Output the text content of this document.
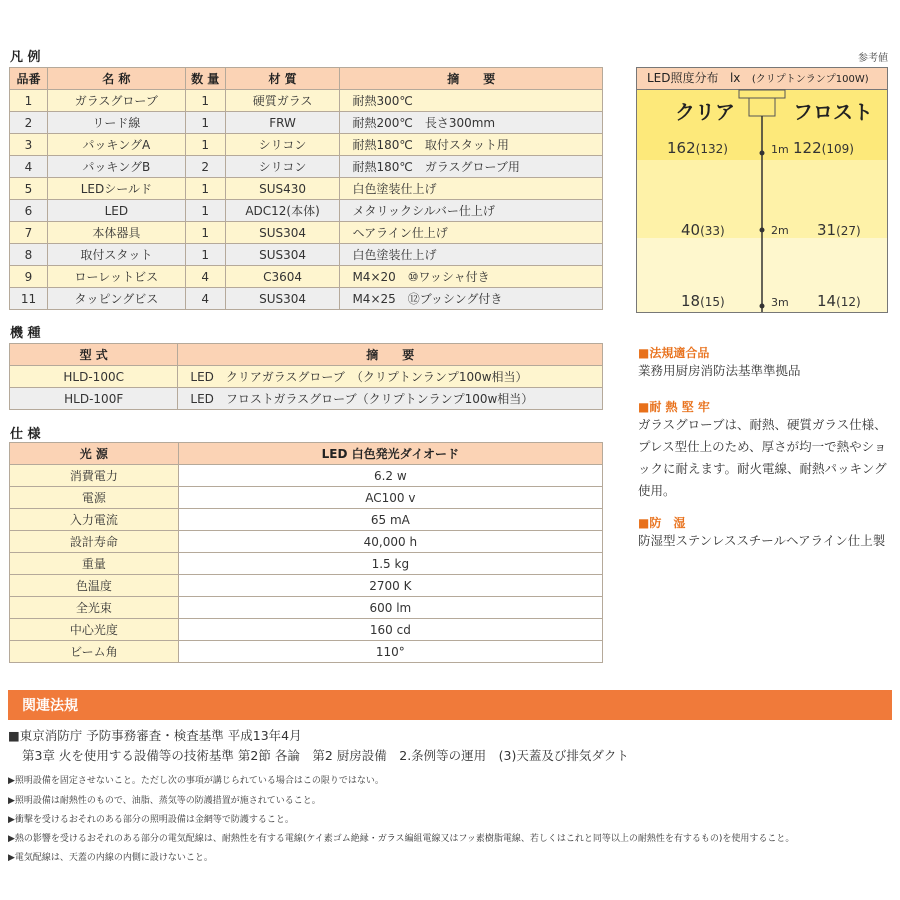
凡 例
品番	名 称	数 量	材 質	摘　　要
1	ガラスグローブ	1	硬質ガラス	耐熱300℃
2	リード線	1	FRW	耐熱200℃　長さ300mm
3	パッキングA	1	シリコン	耐熱180℃　取付スタット用
4	パッキングB	2	シリコン	耐熱180℃　ガラスグローブ用
5	LEDシールド	1	SUS430	白色塗装仕上げ
6	LED	1	ADC12(本体)	メタリックシルバー仕上げ
7	本体器具	1	SUS304	ヘアライン仕上げ
8	取付スタット	1	SUS304	白色塗装仕上げ
9	ローレットビス	4	C3604	M4×20　⑩ワッシャ付き
11	タッピングビス	4	SUS304	M4×25　⑫ブッシング付き
機 種
型 式	摘　　要
HLD-100C	LED　クリアガラスグローブ　（クリプトンランプ100w相当）
HLD-100F	LED　フロストガラスグローブ（クリプトンランプ100w相当）
仕 様
光 源	LED 白色発光ダイオード
消費電力	6.2 w
電源	AC100 v
入力電流	65 mA
設計寿命	40,000 h
重量	1.5 kg
色温度	2700 K
全光束	600 lm
中心光度	160 cd
ビーム角	110°
参考値
LED照度分布 lx (クリプトンランプ100W)
クリア	フロスト
162(132)	1m 122(109)
40(33)	2m 31(27)
18(15)	3m 14(12)
■法規適合品
業務用厨房消防法基準準拠品
■耐 熱 堅 牢
ガラスグローブは、耐熱、硬質ガラス仕様、プレス型仕上のため、厚さが均一で熱やショックに耐えます。耐火電線、耐熱パッキング使用。
■防　湿
防湿型ステンレススチールヘアライン仕上製
関連法規
■東京消防庁 予防事務審査・検査基準 平成13年4月
第3章 火を使用する設備等の技術基準 第2節 各論　第2 厨房設備　2.条例等の運用　(3)天蓋及び排気ダクト
▶照明設備を固定させないこと。ただし次の事項が講じられている場合はこの限りではない。
▶照明設備は耐熱性のもので、油脂、蒸気等の防護措置が施されていること。
▶衝撃を受けるおそれのある部分の照明設備は金網等で防護すること。
▶熱の影響を受けるおそれのある部分の電気配線は、耐熱性を有する電線(ケイ素ゴム絶縁・ガラス編組電線又はフッ素樹脂電線、若しくはこれと同等以上の耐熱性を有するもの)を使用すること。
▶電気配線は、天蓋の内線の内側に設けないこと。
